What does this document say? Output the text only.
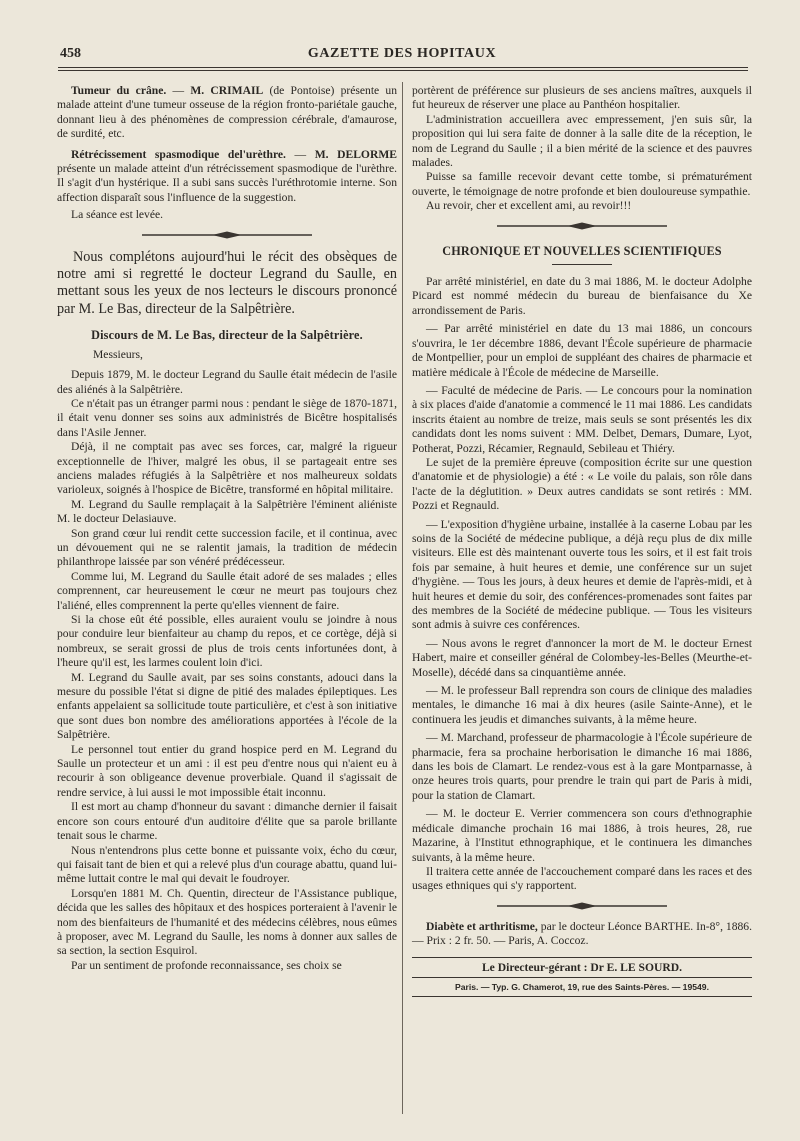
458	GAZETTE DES HOPITAUX

Tumeur du crâne. — M. CRIMAIL (de Pontoise) présente un malade atteint d'une tumeur osseuse de la région fronto-pariétale gauche, donnant lieu à des phénomènes de compression cérébrale, d'amaurose, de surdité, etc.

Rétrécissement spasmodique del'urèthre. — M. DELORME présente un malade atteint d'un rétrécissement spasmodique de l'urèthre. Il s'agit d'un hystérique. Il a subi sans succès l'uréthrotomie interne. Son affection disparaît sous l'influence de la suggestion.

La séance est levée.

Nous complétons aujourd'hui le récit des obsèques de notre ami si regretté le docteur Legrand du Saulle, en mettant sous les yeux de nos lecteurs le discours prononcé par M. Le Bas, directeur de la Salpêtrière.

Discours de M. Le Bas, directeur de la Salpêtrière.

Messieurs,

Depuis 1879, M. le docteur Legrand du Saulle était médecin de l'asile des aliénés à la Salpêtrière.

Ce n'était pas un étranger parmi nous : pendant le siège de 1870-1871, il était venu donner ses soins aux administrés de Bicêtre hospitalisés dans l'Asile Jenner.

Déjà, il ne comptait pas avec ses forces, car, malgré la rigueur exceptionnelle de l'hiver, malgré les obus, il se partageait entre ses anciens malades réfugiés à la Salpêtrière et nos malheureux soldats varioleux, soignés à l'hospice de Bicêtre, transformé en hôpital militaire.

M. Legrand du Saulle remplaçait à la Salpêtrière l'éminent aliéniste M. le docteur Delasiauve.

Son grand cœur lui rendit cette succession facile, et il continua, avec un dévouement qui ne se ralentit jamais, la tradition de médecin philanthrope laissée par son vénéré prédécesseur.

Comme lui, M. Legrand du Saulle était adoré de ses malades ; elles comprennent, car heureusement le cœur ne meurt pas toujours chez l'aliéné, elles comprennent la perte qu'elles viennent de faire.

Si la chose eût été possible, elles auraient voulu se joindre à nous pour conduire leur bienfaiteur au champ du repos, et ce cortège, déjà si nombreux, se serait grossi de plus de trois cents infortunées dont, à l'heure qu'il est, les larmes coulent loin d'ici.

M. Legrand du Saulle avait, par ses soins constants, adouci dans la mesure du possible l'état si digne de pitié des malades épileptiques. Les enfants appelaient sa sollicitude toute particulière, et c'est à son initiative que sont dues bon nombre des améliorations apportées à l'école de la Salpêtrière.

Le personnel tout entier du grand hospice perd en M. Legrand du Saulle un protecteur et un ami : il est peu d'entre nous qui n'aient eu à recourir à son obligeance devenue proverbiale. Quand il s'agissait de rendre service, à lui aussi le mot impossible était inconnu.

Il est mort au champ d'honneur du savant : dimanche dernier il faisait encore son cours entouré d'un auditoire d'élite que sa parole brillante tenait sous le charme.

Nous n'entendrons plus cette bonne et puissante voix, écho du cœur, qui faisait tant de bien et qui a relevé plus d'un courage abattu, quand lui-même luttait contre le mal qui devait le foudroyer.

Lorsqu'en 1881 M. Ch. Quentin, directeur de l'Assistance publique, décida que les salles des hôpitaux et des hospices porteraient à l'avenir le nom des bienfaiteurs de l'humanité et des médecins célèbres, nous eûmes à proposer, avec M. Legrand du Saulle, les noms à donner aux salles de sa section, la section Esquirol.

Par un sentiment de profonde reconnaissance, ses choix se

portèrent de préférence sur plusieurs de ses anciens maîtres, auxquels il fut heureux de réserver une place au Panthéon hospitalier.

L'administration accueillera avec empressement, j'en suis sûr, la proposition qui lui sera faite de donner à la salle dite de la réception, le nom de Legrand du Saulle ; il a bien mérité de la science et des pauvres malades.

Puisse sa famille recevoir devant cette tombe, si prématurément ouverte, le témoignage de notre profonde et bien douloureuse sympathie.

Au revoir, cher et excellent ami, au revoir!!!

CHRONIQUE ET NOUVELLES SCIENTIFIQUES

Par arrêté ministériel, en date du 3 mai 1886, M. le docteur Adolphe Picard est nommé médecin du bureau de bienfaisance du Xe arrondissement de Paris.

— Par arrêté ministériel en date du 13 mai 1886, un concours s'ouvrira, le 1er décembre 1886, devant l'École supérieure de pharmacie de Montpellier, pour un emploi de suppléant des chaires de pharmacie et matière médicale à l'École de médecine de Marseille.

— Faculté de médecine de Paris. — Le concours pour la nomination à six places d'aide d'anatomie a commencé le 11 mai 1886. Les candidats inscrits étaient au nombre de treize, mais seuls se sont présentés les dix candidats dont les noms suivent : MM. Delbet, Demars, Dumare, Lyot, Potherat, Pozzi, Récamier, Regnauld, Sebileau et Thiéry.

Le sujet de la première épreuve (composition écrite sur une question d'anatomie et de physiologie) a été : « Le voile du palais, son rôle dans l'acte de la déglutition. » Deux autres candidats se sont retirés : MM. Pozzi et Regnauld.

— L'exposition d'hygiène urbaine, installée à la caserne Lobau par les soins de la Société de médecine publique, a déjà reçu plus de dix mille visiteurs. Elle est dès maintenant ouverte tous les soirs, et il est fait trois fois par semaine, à huit heures et demie, une conférence sur un sujet d'hygiène. — Tous les jours, à deux heures et demie de l'après-midi, et à huit heures et demie du soir, des conférences-promenades sont faites par des membres de la Société de médecine publique. — Tous les visiteurs sont admis à suivre ces conférences.

— Nous avons le regret d'annoncer la mort de M. le docteur Ernest Habert, maire et conseiller général de Colombey-les-Belles (Meurthe-et-Moselle), décédé dans sa cinquantième année.

— M. le professeur Ball reprendra son cours de clinique des maladies mentales, le dimanche 16 mai à dix heures (asile Sainte-Anne), et le continuera les jeudis et dimanches suivants, à la même heure.

— M. Marchand, professeur de pharmacologie à l'École supérieure de pharmacie, fera sa prochaine herborisation le dimanche 16 mai 1886, dans les bois de Clamart. Le rendez-vous est à la gare Montparnasse, à onze heures trois quarts, pour prendre le train qui part de Paris à midi, pour la station de Clamart.

— M. le docteur E. Verrier commencera son cours d'ethnographie médicale dimanche prochain 16 mai 1886, à trois heures, 28, rue Mazarine, à l'Institut ethnographique, et le continuera les dimanches suivants, à la même heure.

Il traitera cette année de l'accouchement comparé dans les races et des usages ethniques qui s'y rapportent.

Diabète et arthritisme, par le docteur Léonce BARTHE. In-8°, 1886. — Prix : 2 fr. 50. — Paris, A. Coccoz.

Le Directeur-gérant : Dr E. LE SOURD.

Paris. — Typ. G. Chamerot, 19, rue des Saints-Pères. — 19549.
